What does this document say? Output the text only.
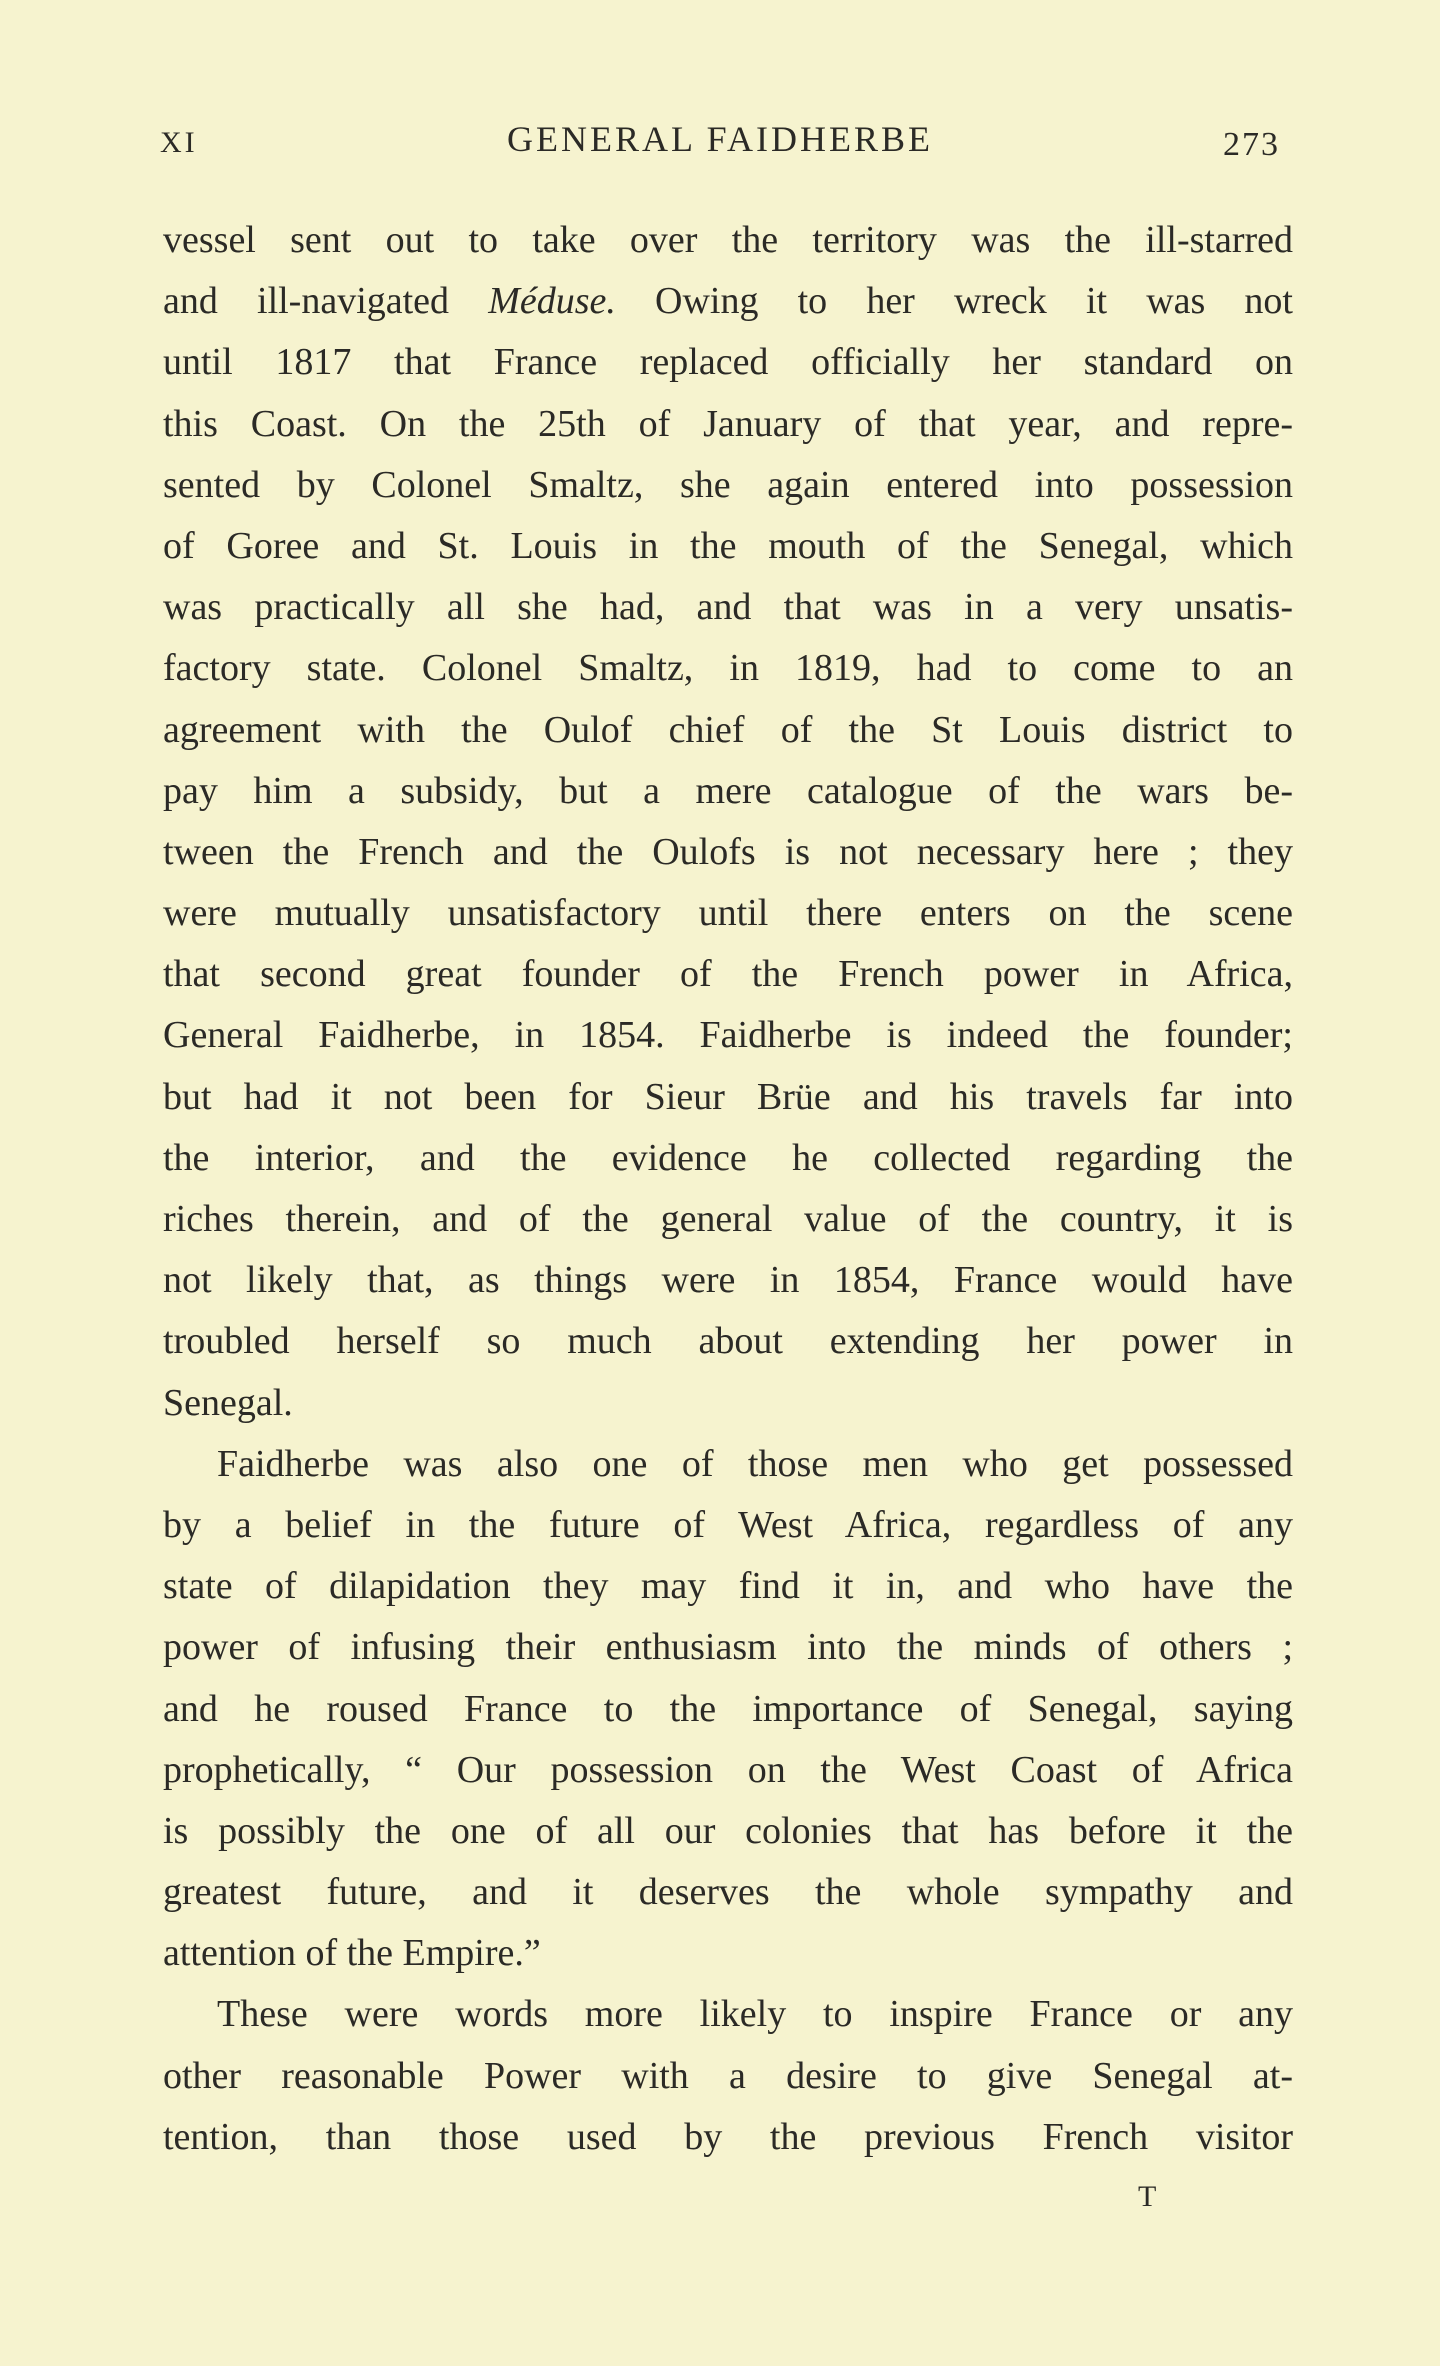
XI	GENERAL FAIDHERBE	273
vessel sent out to take over the territory was the ill-starred
and ill-navigated Méduse. Owing to her wreck it was not
until 1817 that France replaced officially her standard on
this Coast. On the 25th of January of that year, and repre-
sented by Colonel Smaltz, she again entered into possession
of Goree and St. Louis in the mouth of the Senegal, which
was practically all she had, and that was in a very unsatis-
factory state. Colonel Smaltz, in 1819, had to come to an
agreement with the Oulof chief of the St Louis district to
pay him a subsidy, but a mere catalogue of the wars be-
tween the French and the Oulofs is not necessary here ; they
were mutually unsatisfactory until there enters on the scene
that second great founder of the French power in Africa,
General Faidherbe, in 1854. Faidherbe is indeed the founder;
but had it not been for Sieur Brüe and his travels far into
the interior, and the evidence he collected regarding the
riches therein, and of the general value of the country, it is
not likely that, as things were in 1854, France would have
troubled herself so much about extending her power in
Senegal.
Faidherbe was also one of those men who get possessed
by a belief in the future of West Africa, regardless of any
state of dilapidation they may find it in, and who have the
power of infusing their enthusiasm into the minds of others ;
and he roused France to the importance of Senegal, saying
prophetically, “ Our possession on the West Coast of Africa
is possibly the one of all our colonies that has before it the
greatest future, and it deserves the whole sympathy and
attention of the Empire.”
These were words more likely to inspire France or any
other reasonable Power with a desire to give Senegal at-
tention, than those used by the previous French visitor
T
